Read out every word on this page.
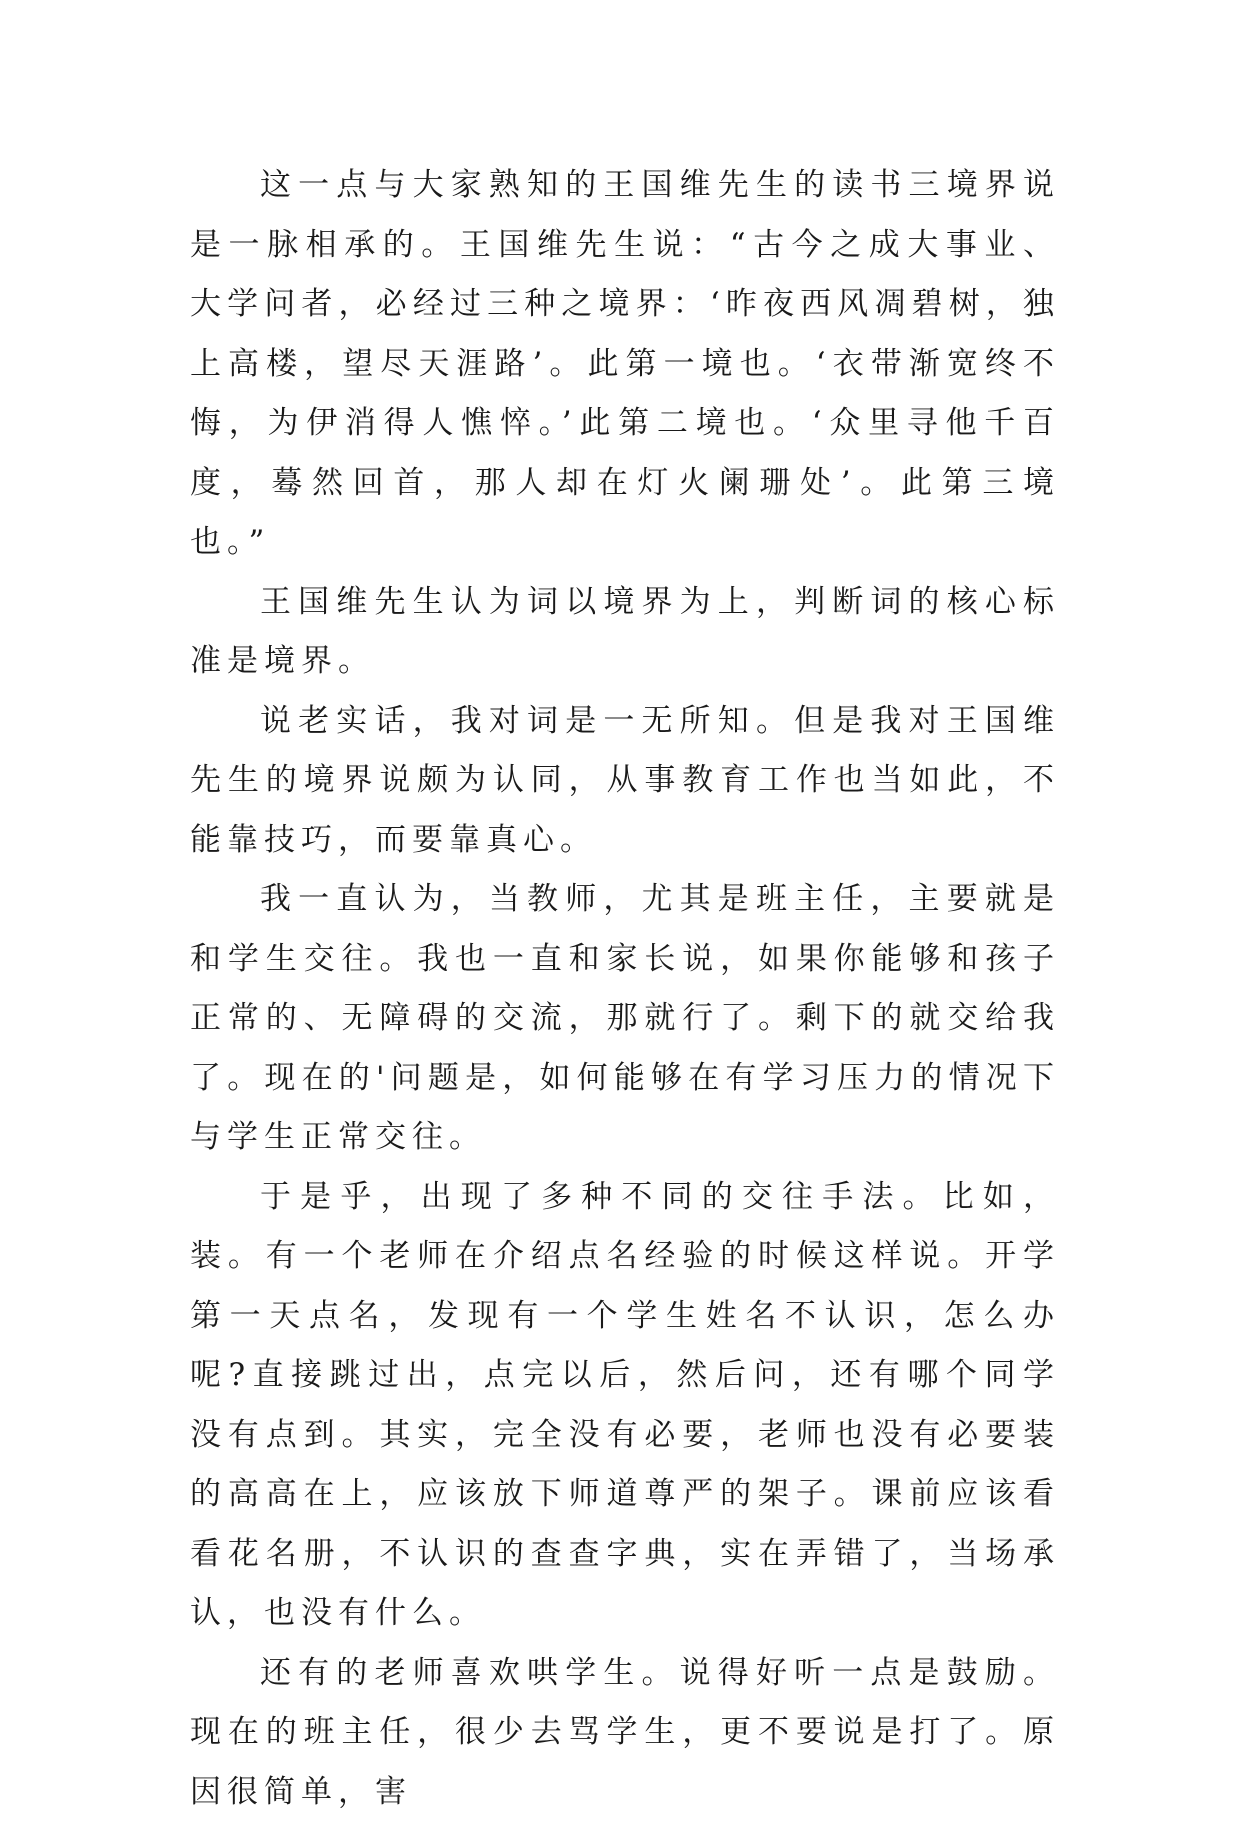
这一点与大家熟知的王国维先生的读书三境界说是一脉相承的。王国维先生说：“古今之成大事业、大学问者，必经过三种之境界：‘昨夜西风凋碧树，独上高楼，望尽天涯路’。此第一境也。‘衣带渐宽终不悔，为伊消得人憔悴。’此第二境也。‘众里寻他千百度，蓦然回首，那人却在灯火阑珊处’。此第三境也。”

王国维先生认为词以境界为上，判断词的核心标准是境界。

说老实话，我对词是一无所知。但是我对王国维先生的境界说颇为认同，从事教育工作也当如此，不能靠技巧，而要靠真心。

我一直认为，当教师，尤其是班主任，主要就是和学生交往。我也一直和家长说，如果你能够和孩子正常的、无障碍的交流，那就行了。剩下的就交给我了。现在的'问题是，如何能够在有学习压力的情况下与学生正常交往。

于是乎，出现了多种不同的交往手法。比如，装。有一个老师在介绍点名经验的时候这样说。开学第一天点名，发现有一个学生姓名不认识，怎么办呢?直接跳过出，点完以后，然后问，还有哪个同学没有点到。其实，完全没有必要，老师也没有必要装的高高在上，应该放下师道尊严的架子。课前应该看看花名册，不认识的查查字典，实在弄错了，当场承认，也没有什么。

还有的老师喜欢哄学生。说得好听一点是鼓励。现在的班主任，很少去骂学生，更不要说是打了。原因很简单，害
